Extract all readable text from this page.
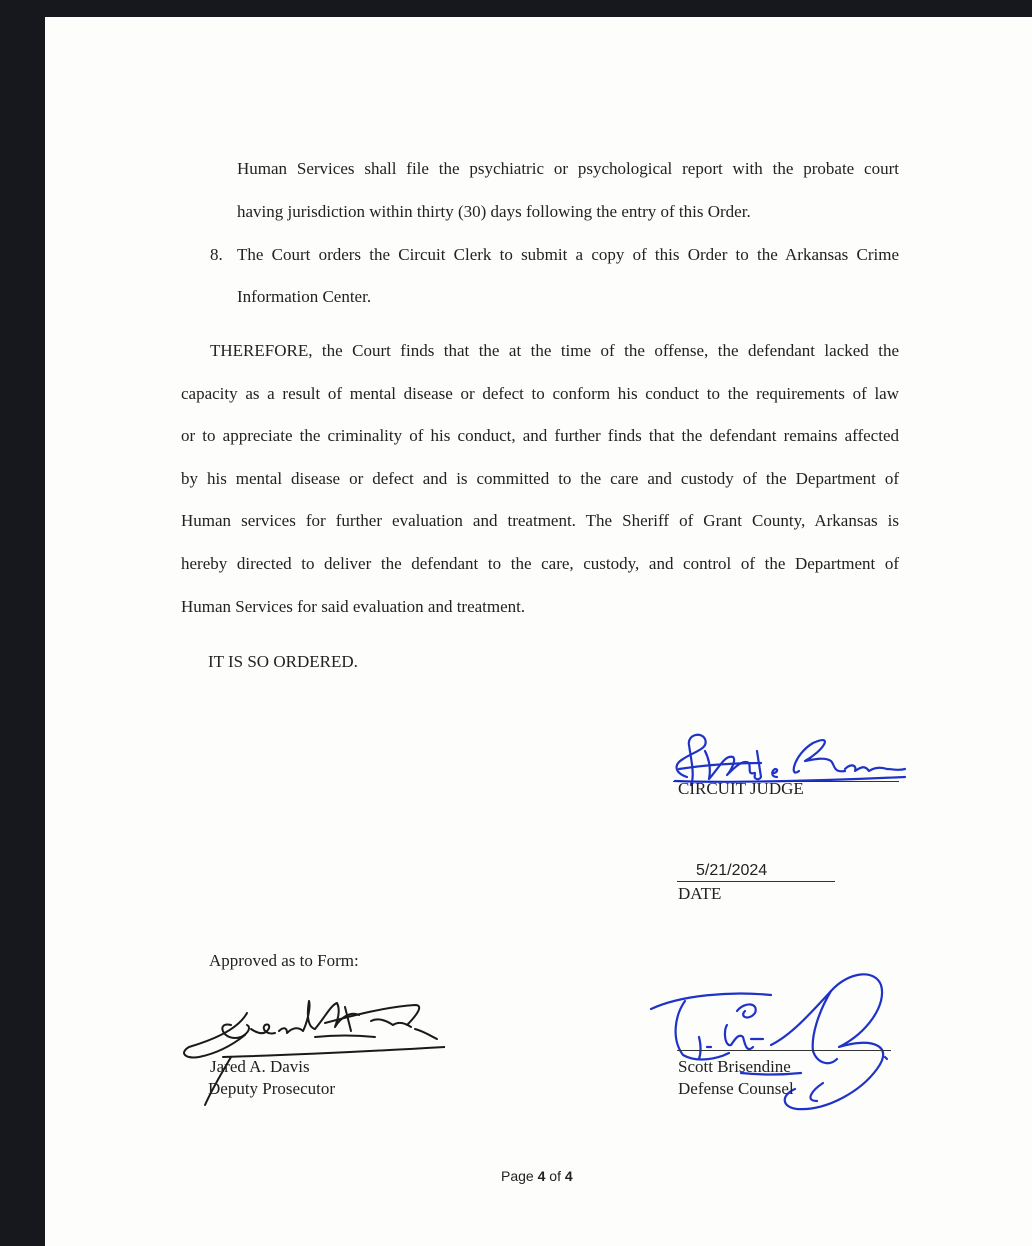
Human Services shall file the psychiatric or psychological report with the probate court
having jurisdiction within thirty (30) days following the entry of this Order.
8. The Court orders the Circuit Clerk to submit a copy of this Order to the Arkansas Crime
Information Center.
THEREFORE, the Court finds that the at the time of the offense, the defendant lacked the
capacity as a result of mental disease or defect to conform his conduct to the requirements of law
or to appreciate the criminality of his conduct, and further finds that the defendant remains affected
by his mental disease or defect and is committed to the care and custody of the Department of
Human services for further evaluation and treatment. The Sheriff of Grant County, Arkansas is
hereby directed to deliver the defendant to the care, custody, and control of the Department of
Human Services for said evaluation and treatment.
IT IS SO ORDERED.
CIRCUIT JUDGE
5/21/2024
DATE
Approved as to Form:
Jared A. Davis
Deputy Prosecutor
Scott Brisendine
Defense Counsel
Page 4 of 4
